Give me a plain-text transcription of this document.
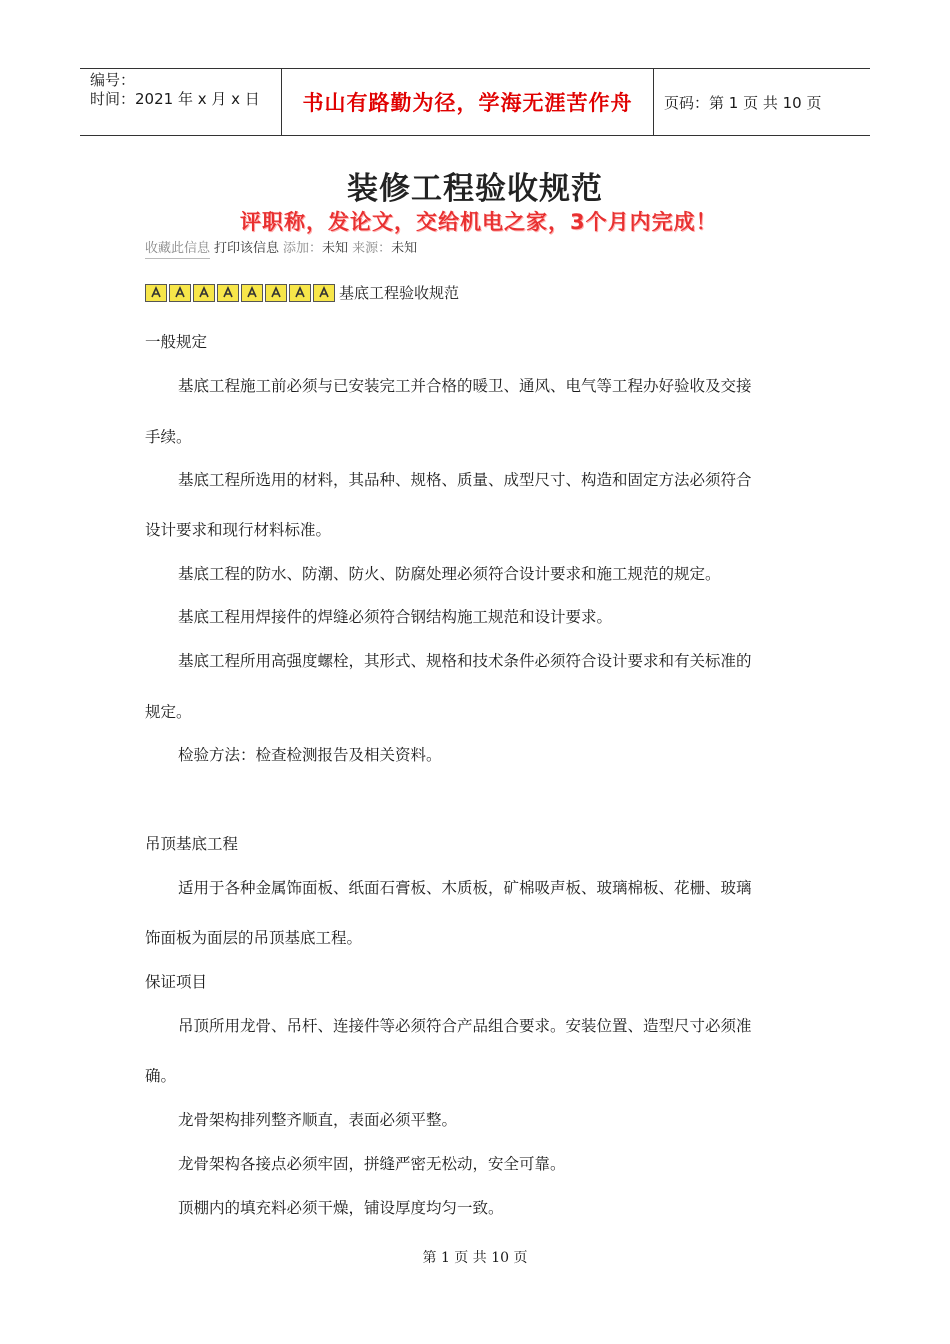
编号：
时间：2021 年 x 月 x 日	书山有路勤为径，学海无涯苦作舟 页码：第 1 页 共 10 页
装修工程验收规范
评职称，发论文，交给机电之家，3个月内完成！
收藏此信息 打印该信息 添加： 未知 来源： 未知
基底工程验收规范
一般规定
基底工程施工前必须与已安装完工并合格的暖卫、通风、电气等工程办好验收及交接
手续。
基底工程所选用的材料，其品种、规格、质量、成型尺寸、构造和固定方法必须符合
设计要求和现行材料标准。
基底工程的防水、防潮、防火、防腐处理必须符合设计要求和施工规范的规定。
基底工程用焊接件的焊缝必须符合钢结构施工规范和设计要求。
基底工程所用高强度螺栓，其形式、规格和技术条件必须符合设计要求和有关标准的
规定。
检验方法：检查检测报告及相关资料。
吊顶基底工程
适用于各种金属饰面板、纸面石膏板、木质板，矿棉吸声板、玻璃棉板、花栅、玻璃
饰面板为面层的吊顶基底工程。
保证项目
吊顶所用龙骨、吊杆、连接件等必须符合产品组合要求。安装位置、造型尺寸必须准
确。
龙骨架构排列整齐顺直，表面必须平整。
龙骨架构各接点必须牢固，拼缝严密无松动，安全可靠。
顶棚内的填充料必须干燥，铺设厚度均匀一致。
第 1 页 共 10 页
